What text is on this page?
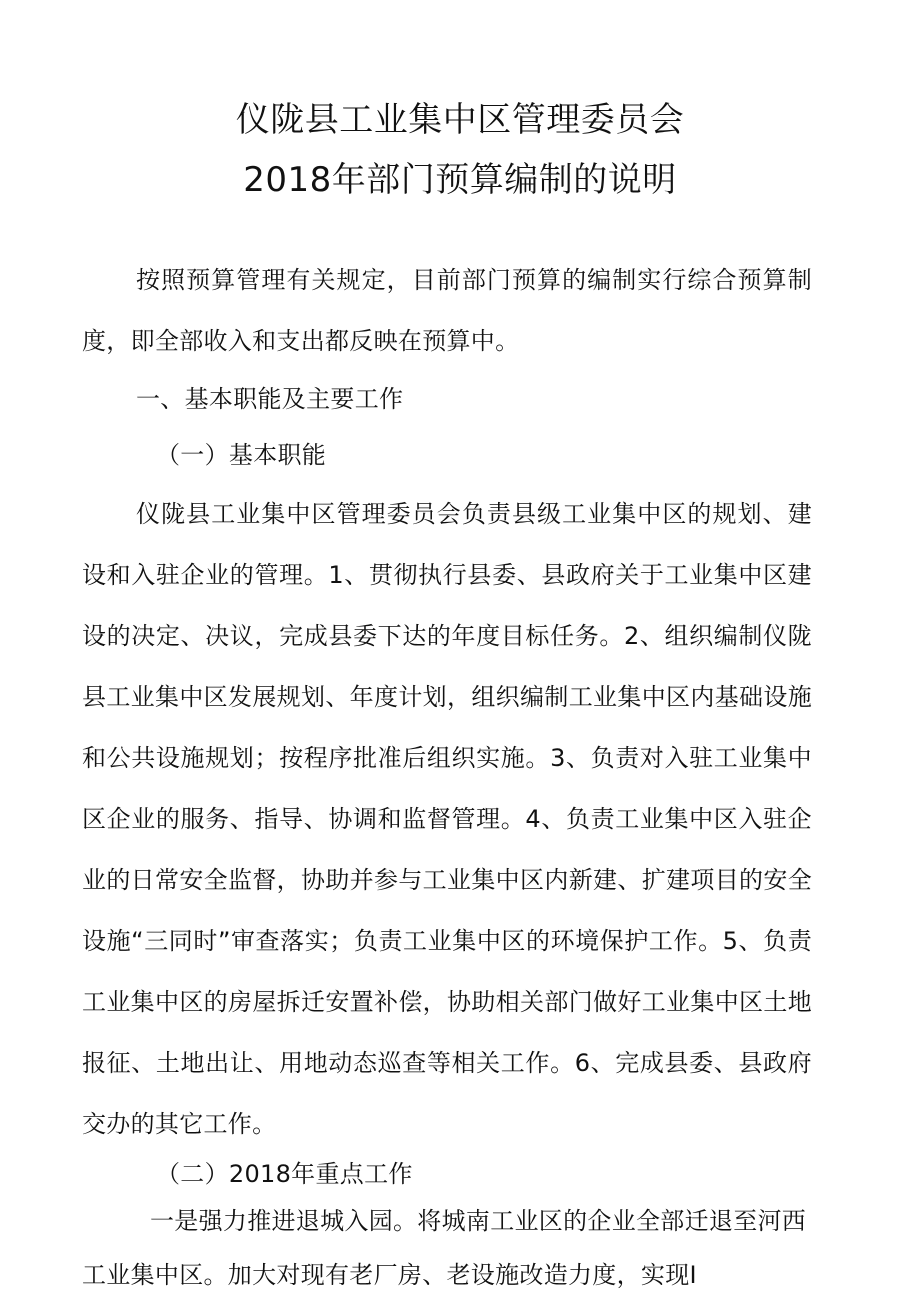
仪陇县工业集中区管理委员会
2018年部门预算编制的说明

按照预算管理有关规定，目前部门预算的编制实行综合预算制度，即全部收入和支出都反映在预算中。

一、基本职能及主要工作

（一）基本职能

仪陇县工业集中区管理委员会负责县级工业集中区的规划、建设和入驻企业的管理。1、贯彻执行县委、县政府关于工业集中区建设的决定、决议，完成县委下达的年度目标任务。2、组织编制仪陇县工业集中区发展规划、年度计划，组织编制工业集中区内基础设施和公共设施规划；按程序批准后组织实施。3、负责对入驻工业集中区企业的服务、指导、协调和监督管理。4、负责工业集中区入驻企业的日常安全监督，协助并参与工业集中区内新建、扩建项目的安全设施“三同时”审查落实；负责工业集中区的环境保护工作。5、负责工业集中区的房屋拆迁安置补偿，协助相关部门做好工业集中区土地报征、土地出让、用地动态巡查等相关工作。6、完成县委、县政府交办的其它工作。

（二）2018年重点工作

一是强力推进退城入园。将城南工业区的企业全部迁退至河西工业集中区。加大对现有老厂房、老设施改造力度，实现I
